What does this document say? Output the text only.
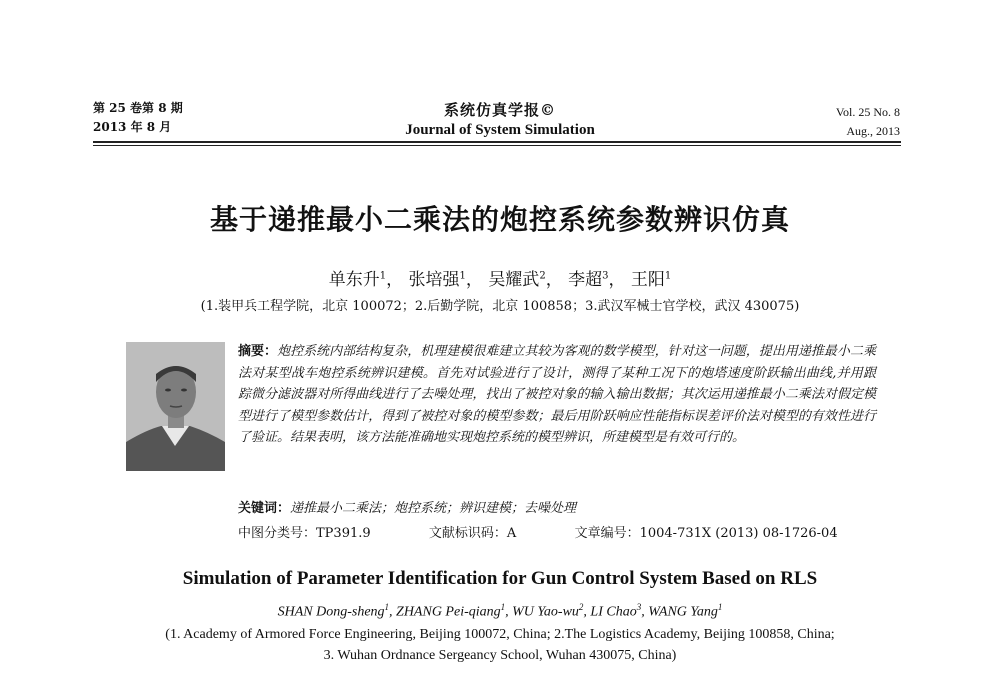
第 25 卷第 8 期
2013 年 8 月
系统仿真学报©
Journal of System Simulation
Vol. 25 No. 8
Aug., 2013
基于递推最小二乘法的炮控系统参数辨识仿真
单东升$^1$， 张培强$^1$， 吴耀武$^2$， 李超$^3$， 王阳$^1$
(1.装甲兵工程学院，北京 100072；2.后勤学院，北京 100858；3.武汉军械士官学校，武汉 430075)
摘要：炮控系统内部结构复杂，机理建模很难建立其较为客观的数学模型，针对这一问题，提出用递推最小二乘法对某型战车炮控系统辨识建模。首先对试验进行了设计，测得了某种工况下的炮塔速度阶跃输出曲线,并用跟踪微分滤波器对所得曲线进行了去噪处理，找出了被控对象的输入输出数据；其次运用递推最小二乘法对假定模型进行了模型参数估计，得到了被控对象的模型参数；最后用阶跃响应性能指标误差评价法对模型的有效性进行了验证。结果表明，该方法能准确地实现炮控系统的模型辨识，所建模型是有效可行的。
关键词：递推最小二乘法；炮控系统；辨识建模；去噪处理
中图分类号：TP391.9	文献标识码：A	文章编号：1004-731X (2013) 08-1726-04
Simulation of Parameter Identification for Gun Control System Based on RLS
SHAN Dong-sheng$^1$, ZHANG Pei-qiang$^1$, WU Yao-$wu^2$, LI Chao$^3$, WANG Yang$^1$
(1. Academy of Armored Force Engineering, Beijing 100072, China; 2.The Logistics Academy, Beijing 100858, China;
3. Wuhan Ordnance Sergeancy School, Wuhan 430075, China)
